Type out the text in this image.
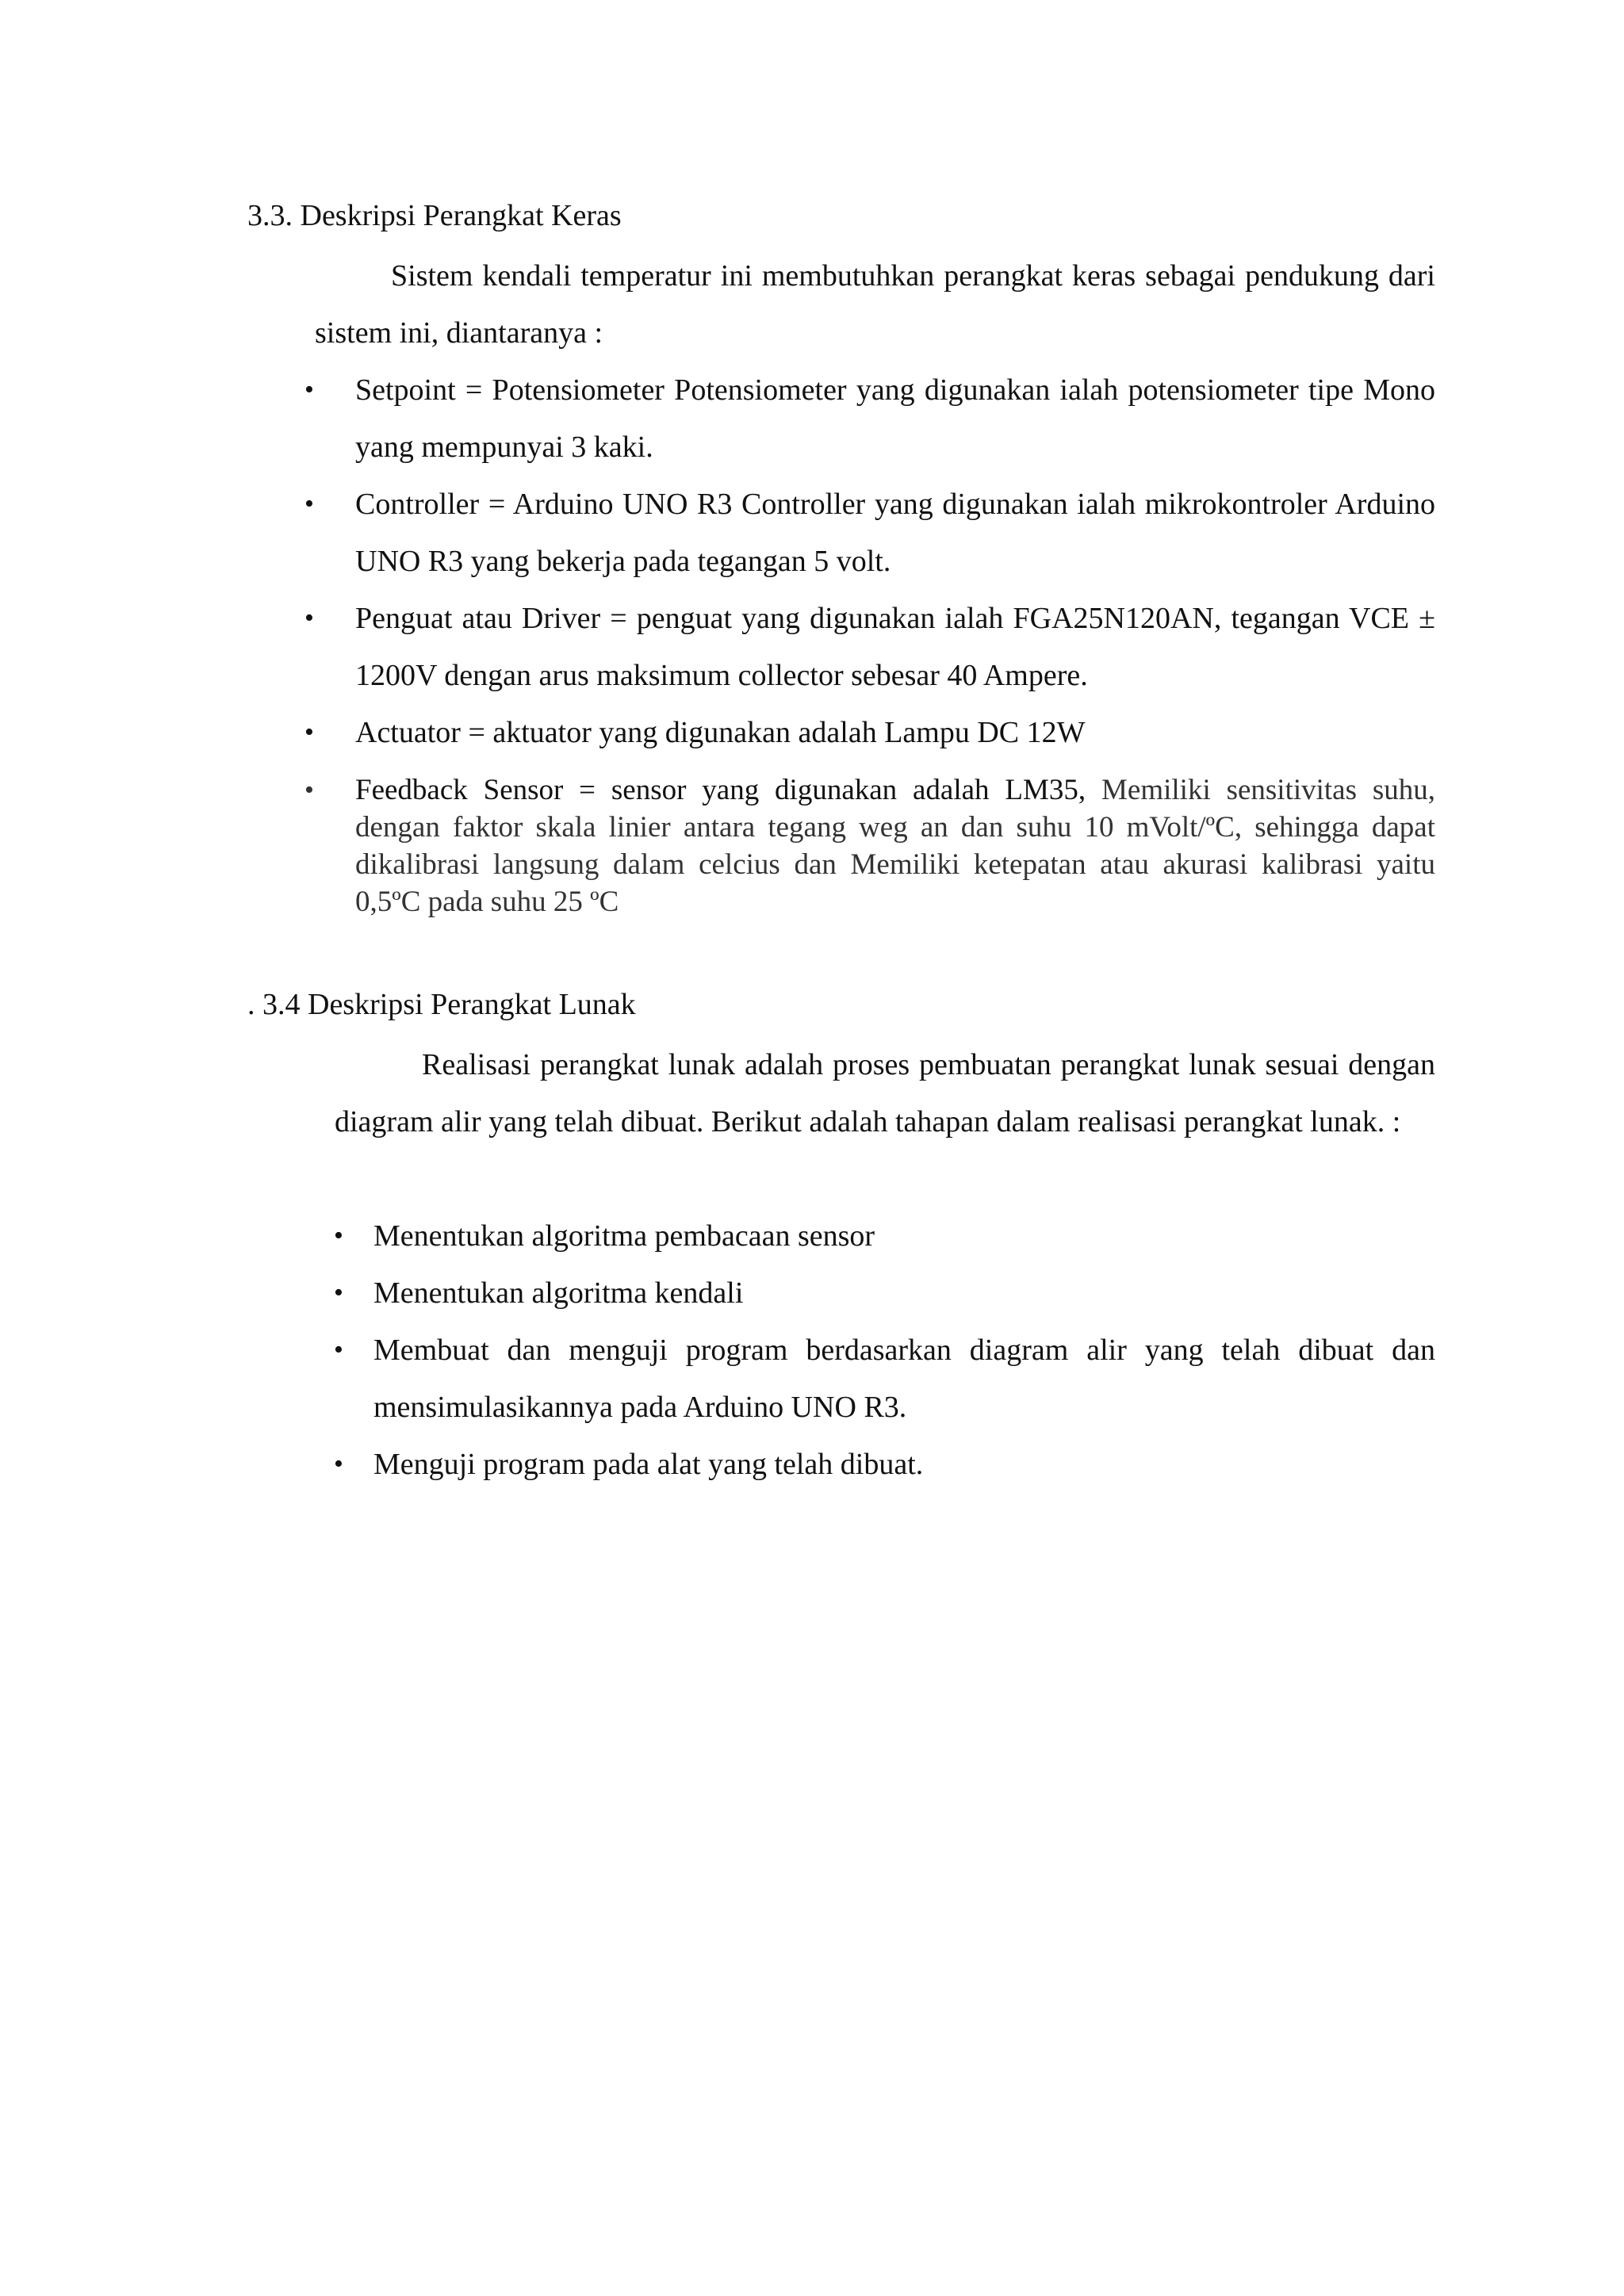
3.3. Deskripsi Perangkat Keras
Sistem kendali temperatur ini membutuhkan perangkat keras sebagai pendukung dari sistem ini, diantaranya :
• Setpoint = Potensiometer Potensiometer yang digunakan ialah potensiometer tipe Mono yang mempunyai 3 kaki.
• Controller = Arduino UNO R3 Controller yang digunakan ialah mikrokontroler Arduino UNO R3 yang bekerja pada tegangan 5 volt.
• Penguat atau Driver = penguat yang digunakan ialah FGA25N120AN, tegangan VCE ± 1200V dengan arus maksimum collector sebesar 40 Ampere.
• Actuator = aktuator yang digunakan adalah Lampu DC 12W
• Feedback Sensor = sensor yang digunakan adalah LM35, Memiliki sensitivitas suhu, dengan faktor skala linier antara tegang weg an dan suhu 10 mVolt/ºC, sehingga dapat dikalibrasi langsung dalam celcius dan Memiliki ketepatan atau akurasi kalibrasi yaitu 0,5ºC pada suhu 25 ºC
. 3.4 Deskripsi Perangkat Lunak
Realisasi perangkat lunak adalah proses pembuatan perangkat lunak sesuai dengan diagram alir yang telah dibuat. Berikut adalah tahapan dalam realisasi perangkat lunak. :
• Menentukan algoritma pembacaan sensor
• Menentukan algoritma kendali
• Membuat dan menguji program berdasarkan diagram alir yang telah dibuat dan mensimulasikannya pada Arduino UNO R3.
• Menguji program pada alat yang telah dibuat.
